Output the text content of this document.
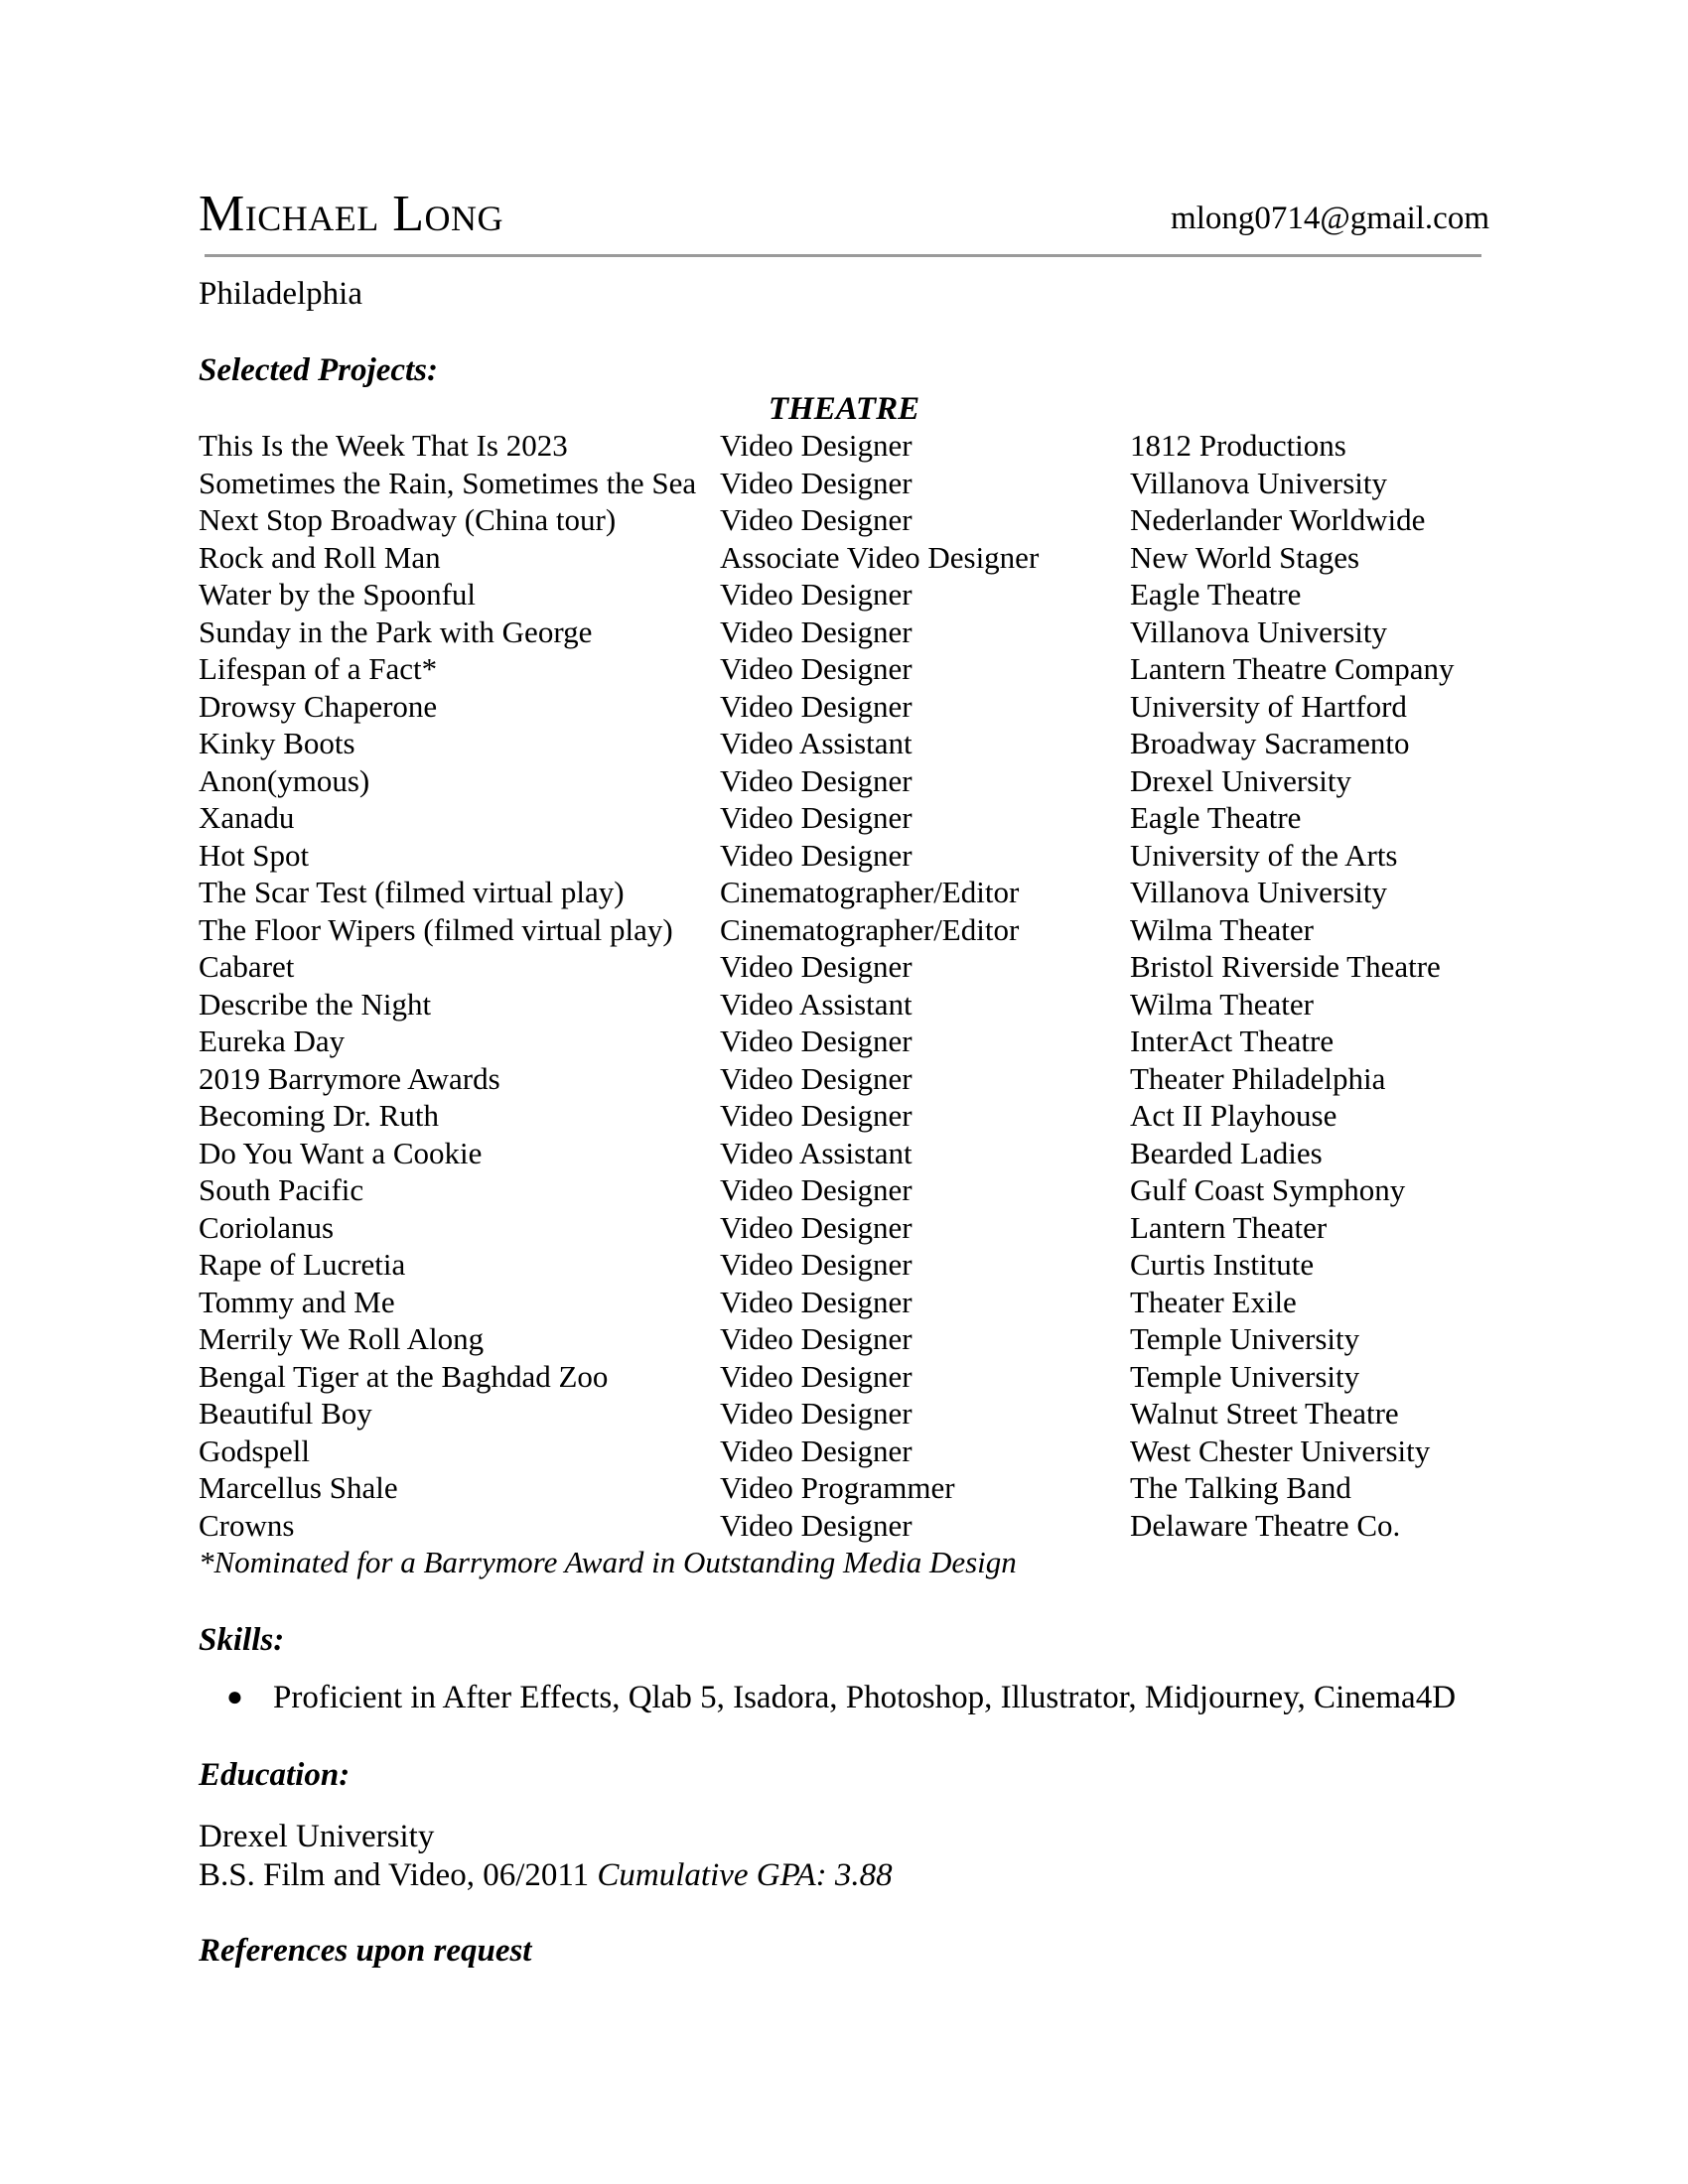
Michael Long	mlong0714@gmail.com
Philadelphia
Selected Projects:
THEATRE
This Is the Week That Is 2023	Video Designer	1812 Productions
Sometimes the Rain, Sometimes the Sea Video Designer	Villanova University
Next Stop Broadway (China tour)	Video Designer	Nederlander Worldwide
Rock and Roll Man	Associate Video Designer	New World Stages
Water by the Spoonful	Video Designer	Eagle Theatre
Sunday in the Park with George	Video Designer	Villanova University
Lifespan of a Fact*	Video Designer	Lantern Theatre Company
Drowsy Chaperone	Video Designer	University of Hartford
Kinky Boots	Video Assistant	Broadway Sacramento
Anon(ymous)	Video Designer	Drexel University
Xanadu	Video Designer	Eagle Theatre
Hot Spot	Video Designer	University of the Arts
The Scar Test (filmed virtual play)	Cinematographer/Editor	Villanova University
The Floor Wipers (filmed virtual play) Cinematographer/Editor	Wilma Theater
Cabaret	Video Designer	Bristol Riverside Theatre
Describe the Night	Video Assistant	Wilma Theater
Eureka Day	Video Designer	InterAct Theatre
2019 Barrymore Awards	Video Designer	Theater Philadelphia
Becoming Dr. Ruth	Video Designer	Act II Playhouse
Do You Want a Cookie	Video Assistant	Bearded Ladies
South Pacific	Video Designer	Gulf Coast Symphony
Coriolanus	Video Designer	Lantern Theater
Rape of Lucretia	Video Designer	Curtis Institute
Tommy and Me	Video Designer	Theater Exile
Merrily We Roll Along	Video Designer	Temple University
Bengal Tiger at the Baghdad Zoo	Video Designer	Temple University
Beautiful Boy	Video Designer	Walnut Street Theatre
Godspell	Video Designer	West Chester University
Marcellus Shale	Video Programmer	The Talking Band
Crowns	Video Designer	Delaware Theatre Co.
*Nominated for a Barrymore Award in Outstanding Media Design
Skills:
● Proficient in After Effects, Qlab 5, Isadora, Photoshop, Illustrator, Midjourney, Cinema4D
Education:
Drexel University
B.S. Film and Video, 06/2011 Cumulative GPA: 3.88
References upon request
